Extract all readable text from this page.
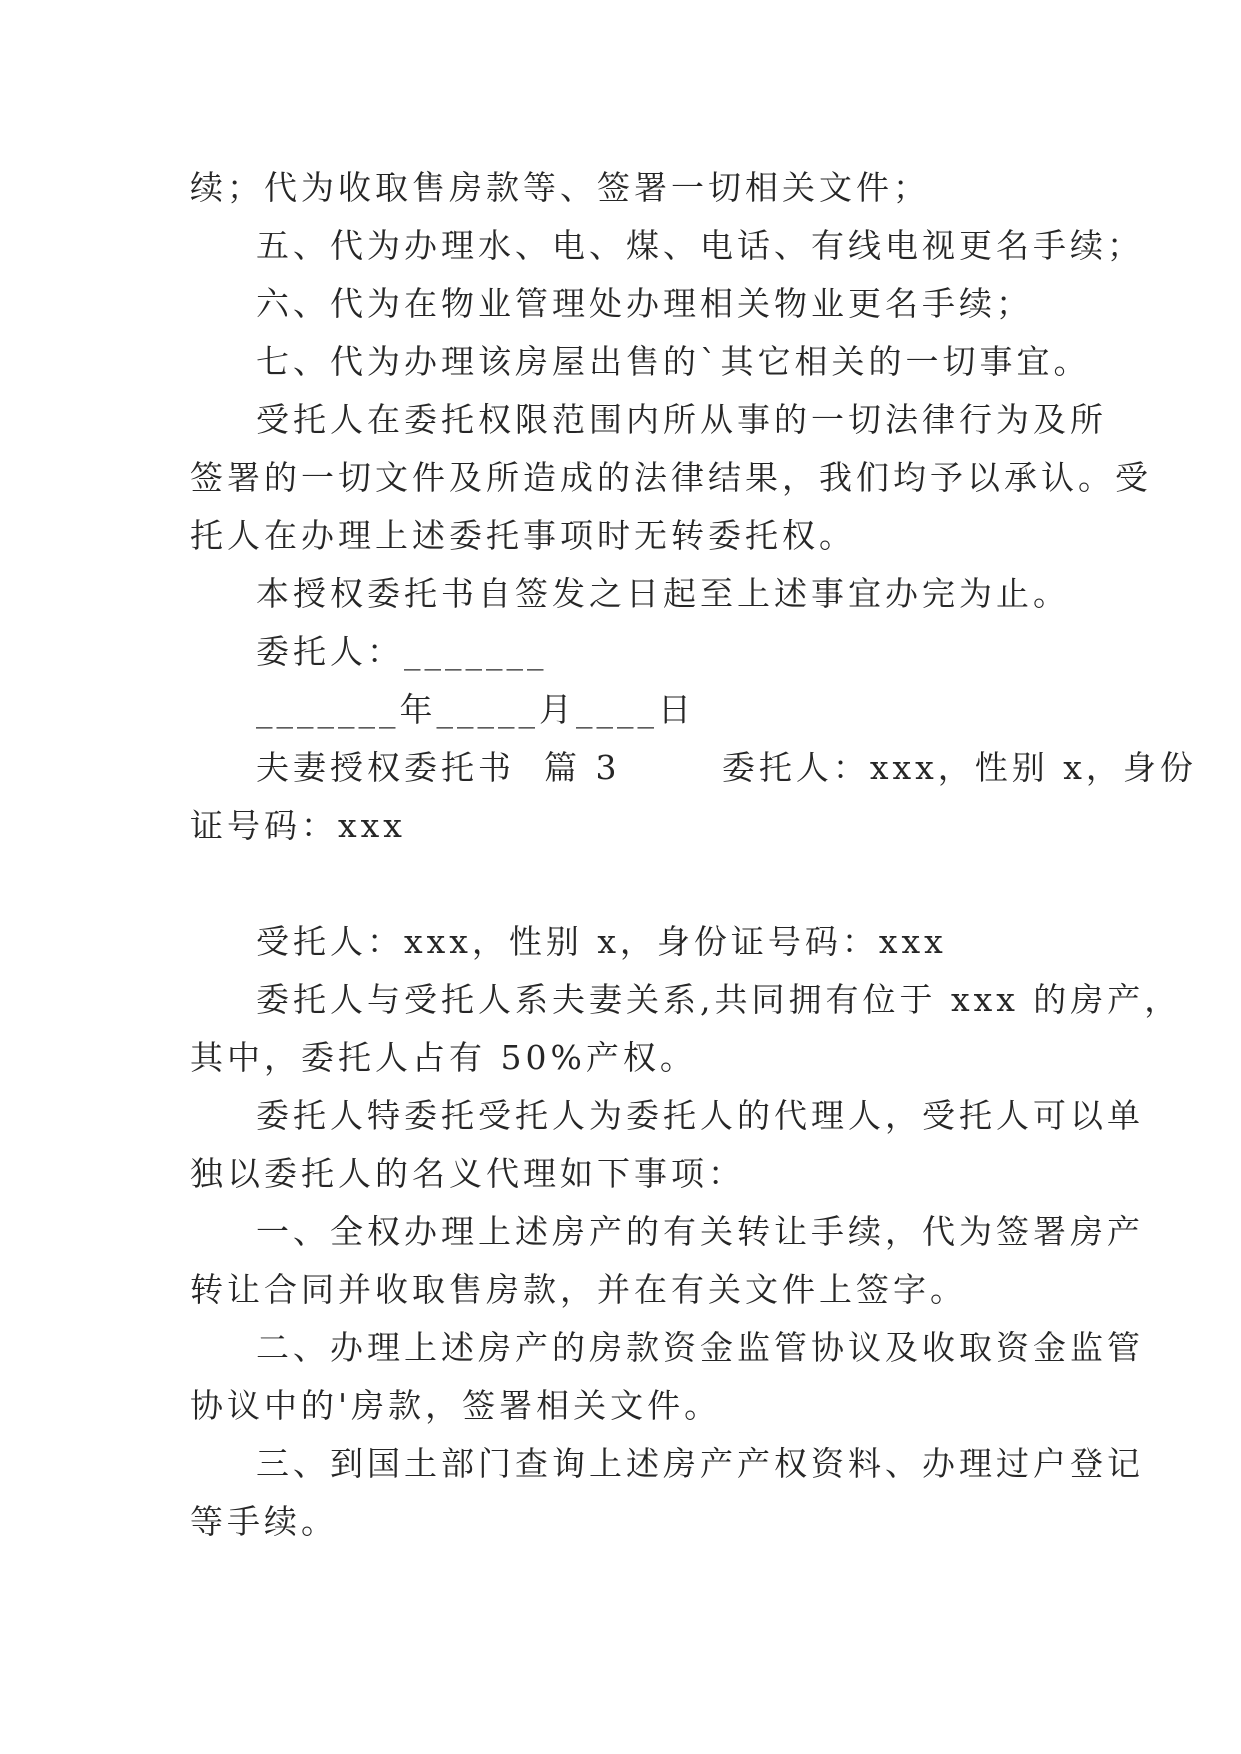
续；代为收取售房款等、签署一切相关文件；
五、代为办理水、电、煤、电话、有线电视更名手续；
六、代为在物业管理处办理相关物业更名手续；
七、代为办理该房屋出售的`其它相关的一切事宜。
受托人在委托权限范围内所从事的一切法律行为及所
签署的一切文件及所造成的法律结果，我们均予以承认。受
托人在办理上述委托事项时无转委托权。
本授权委托书自签发之日起至上述事宜办完为止。
委托人：_______
_______年_____月____日
夫妻授权委托书  篇 3       委托人：xxx，性别 x，身份
证号码：xxx
受托人：xxx，性别 x，身份证号码：xxx
委托人与受托人系夫妻关系,共同拥有位于 xxx 的房产，
其中，委托人占有 50%产权。
委托人特委托受托人为委托人的代理人，受托人可以单
独以委托人的名义代理如下事项：
一、全权办理上述房产的有关转让手续，代为签署房产
转让合同并收取售房款，并在有关文件上签字。
二、办理上述房产的房款资金监管协议及收取资金监管
协议中的'房款，签署相关文件。
三、到国土部门查询上述房产产权资料、办理过户登记
等手续。
